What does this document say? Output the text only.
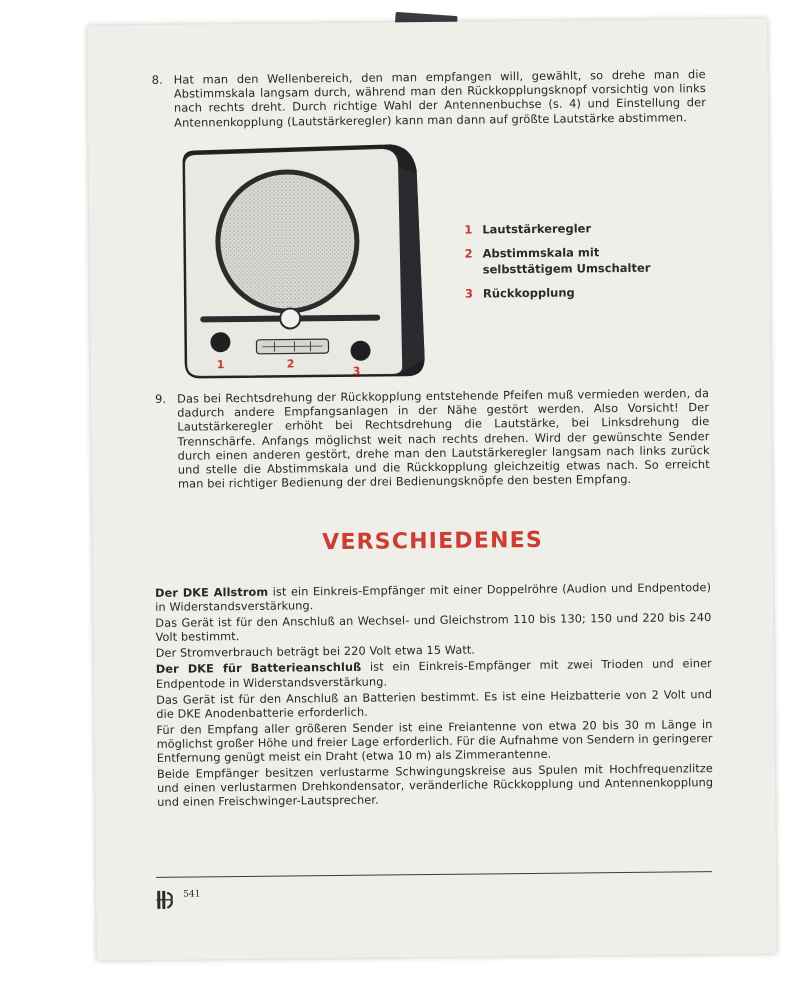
8. Hat man den Wellenbereich, den man empfangen will, gewählt, so drehe man die Abstimmskala langsam durch, während man den Rückkopplungsknopf vorsichtig von links nach rechts dreht. Durch richtige Wahl der Antennenbuchse (s. 4) und Einstellung der Antennenkopplung (Lautstärkeregler) kann man dann auf größte Lautstärke abstimmen.
1	2
3
1 Lautstärkeregler
2 Abstimmskala mit selbsttätigem Umschalter
3 Rückkopplung
9. Das bei Rechtsdrehung der Rückkopplung entstehende Pfeifen muß vermieden werden, da dadurch andere Empfangsanlagen in der Nähe gestört werden. Also Vorsicht! Der Lautstärkeregler erhöht bei Rechtsdrehung die Lautstärke, bei Linksdrehung die Trennschärfe. Anfangs möglichst weit nach rechts drehen. Wird der gewünschte Sender durch einen anderen gestört, drehe man den Lautstärkeregler langsam nach links zurück und stelle die Abstimmskala und die Rückkopplung gleichzeitig etwas nach. So erreicht man bei richtiger Bedienung der drei Bedienungsknöpfe den besten Empfang.
VERSCHIEDENES

Der DKE Allstrom ist ein Einkreis-Empfänger mit einer Doppelröhre (Audion und Endpentode) in Widerstandsverstärkung.

Das Gerät ist für den Anschluß an Wechsel- und Gleichstrom 110 bis 130; 150 und 220 bis 240 Volt bestimmt.

Der Stromverbrauch beträgt bei 220 Volt etwa 15 Watt.

Der DKE für Batterieanschluß ist ein Einkreis-Empfänger mit zwei Trioden und einer Endpentode in Widerstandsverstärkung.

Das Gerät ist für den Anschluß an Batterien bestimmt. Es ist eine Heizbatterie von 2 Volt und die DKE Anodenbatterie erforderlich.

Für den Empfang aller größeren Sender ist eine Freiantenne von etwa 20 bis 30 m Länge in möglichst großer Höhe und freier Lage erforderlich. Für die Aufnahme von Sendern in geringerer Entfernung genügt meist ein Draht (etwa 10 m) als Zimmerantenne.

Beide Empfänger besitzen verlustarme Schwingungskreise aus Spulen mit Hochfrequenzlitze und einen verlustarmen Drehkondensator, veränderliche Rückkopplung und Antennenkopplung und einen Freischwinger-Lautsprecher.

541
